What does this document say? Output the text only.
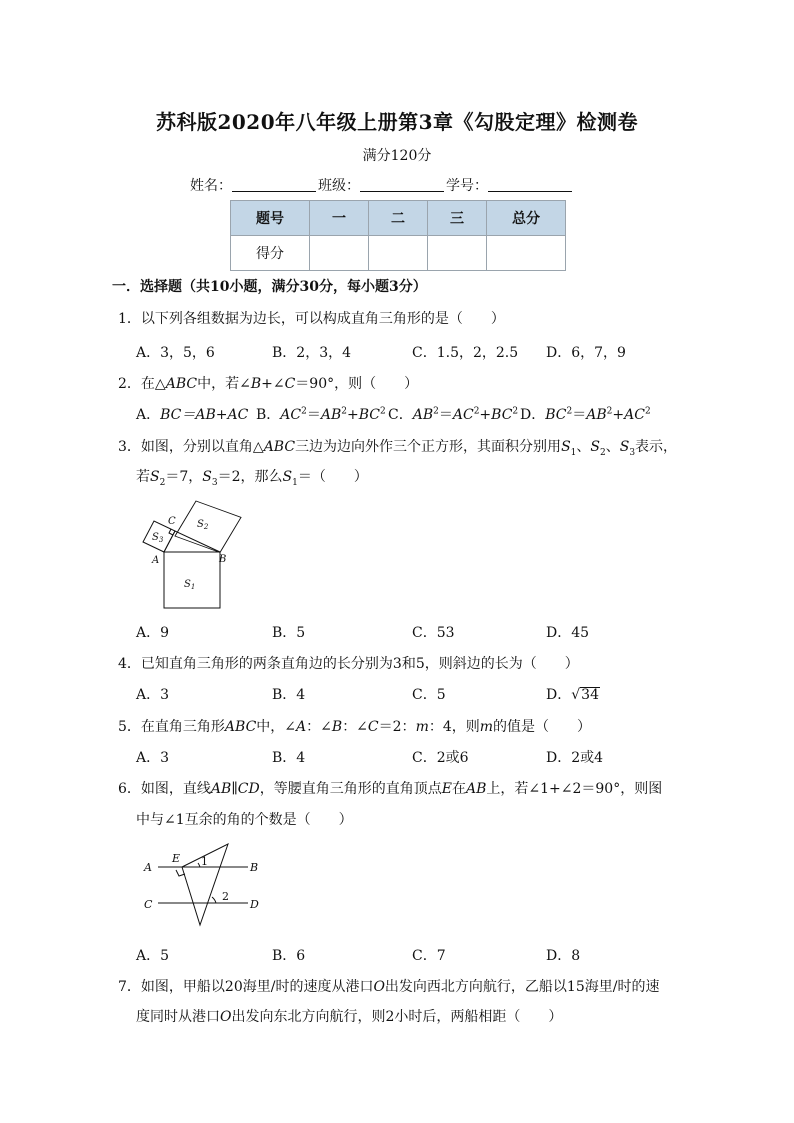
苏科版2020年八年级上册第3章《勾股定理》检测卷
满分120分
姓名：	班级：	学号：
题号	一	二	三	总分
得分				
一．选择题（共10小题，满分30分，每小题3分）
1．以下列各组数据为边长，可以构成直角三角形的是（　　）
A．3，5，6	B．2，3，4	C．1.5，2，2.5 D．6，7，9
2．在△ABC中，若∠B+∠C＝90°，则（　　）
A．BC＝AB+AC B．$AC^2=AB^2+BC^2$ C．$AB^2=AC^2+BC^2$ D．$BC^2=AB^2+AC^2$
3．如图，分别以直角△ABC三边为边向外作三个正方形，其面积分别用$S_1$、$S_2$、$S_3$表示，
若$S_2=7$，$S_3=2$，那么$S_1=$（　　）
C $S_2$
$S_3$
A	B
$S_1$
A．9	B．5	C．53	D．45
4．已知直角三角形的两条直角边的长分别为3和5，则斜边的长为（　　）
A．3	B．4	C．5	D．√34
5．在直角三角形ABC中，∠A：∠B：∠C＝2：m：4，则m的值是（　　）
A．3	B．4	C．2或6	D．2或4
6．如图，直线AB∥CD，等腰直角三角形的直角顶点E在AB上，若∠1+∠2＝90°，则图
中与∠1互余的角的个数是（　　）
A	B
C	D
E 1
2
A．5	B．6	C．7	D．8
7．如图，甲船以20海里/时的速度从港口O出发向西北方向航行，乙船以15海里/时的速
度同时从港口O出发向东北方向航行，则2小时后，两船相距（　　）
